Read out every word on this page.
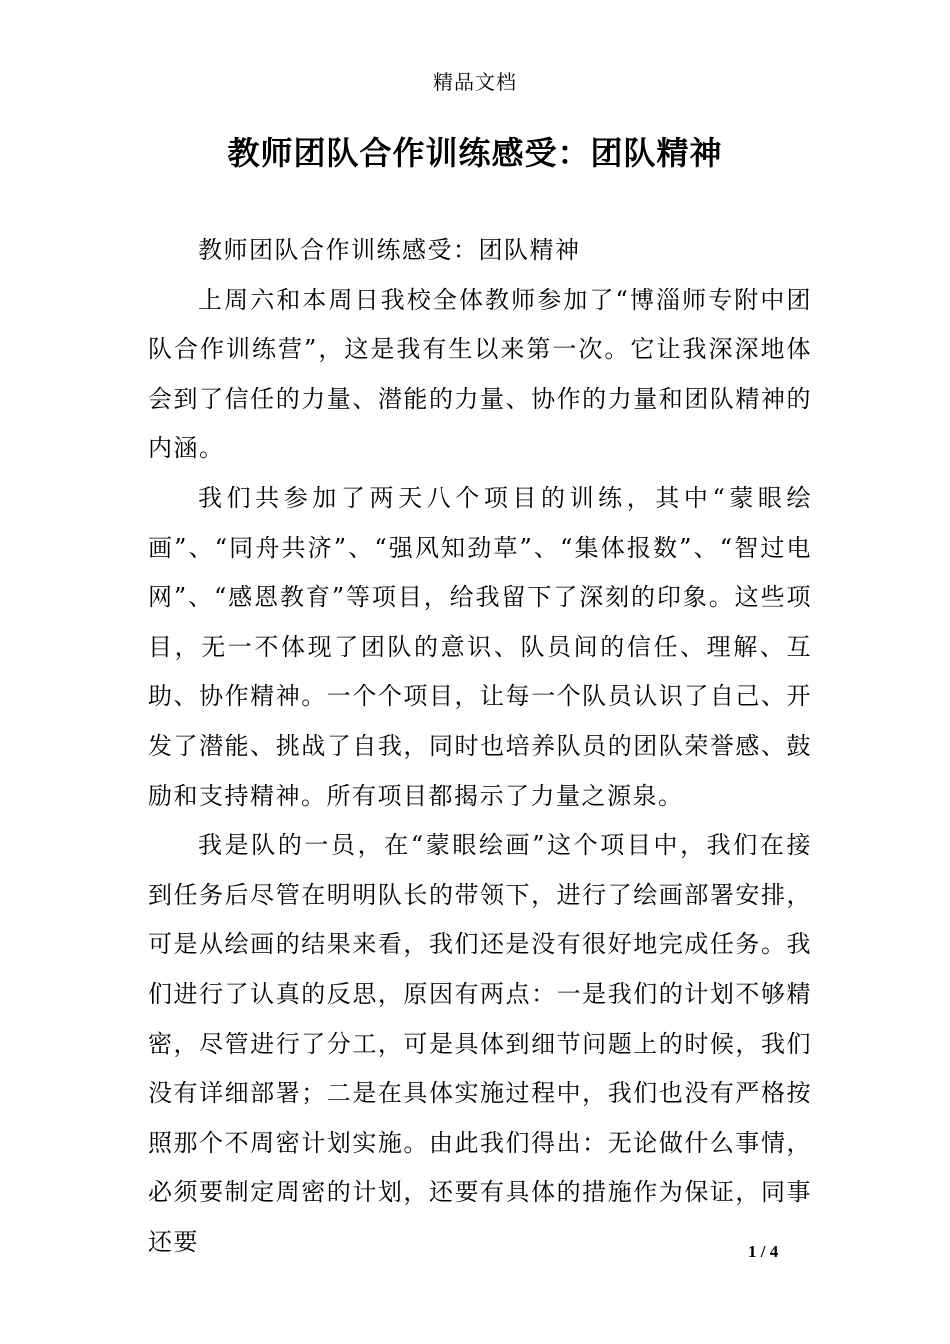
精品文档
教师团队合作训练感受：团队精神

教师团队合作训练感受：团队精神

上周六和本周日我校全体教师参加了“博淄师专附中团队合作训练营”，这是我有生以来第一次。它让我深深地体会到了信任的力量、潜能的力量、协作的力量和团队精神的内涵。

我们共参加了两天八个项目的训练，其中“蒙眼绘画”、“同舟共济”、“强风知劲草”、“集体报数”、“智过电网”、“感恩教育”等项目，给我留下了深刻的印象。这些项目，无一不体现了团队的意识、队员间的信任、理解、互助、协作精神。一个个项目，让每一个队员认识了自己、开发了潜能、挑战了自我，同时也培养队员的团队荣誉感、鼓励和支持精神。所有项目都揭示了力量之源泉。

我是队的一员，在“蒙眼绘画”这个项目中，我们在接到任务后尽管在明明队长的带领下，进行了绘画部署安排，可是从绘画的结果来看，我们还是没有很好地完成任务。我们进行了认真的反思，原因有两点：一是我们的计划不够精密，尽管进行了分工，可是具体到细节问题上的时候，我们没有详细部署；二是在具体实施过程中，我们也没有严格按照那个不周密计划实施。由此我们得出：无论做什么事情，必须要制定周密的计划，还要有具体的措施作为保证，同事还要	1 / 4
